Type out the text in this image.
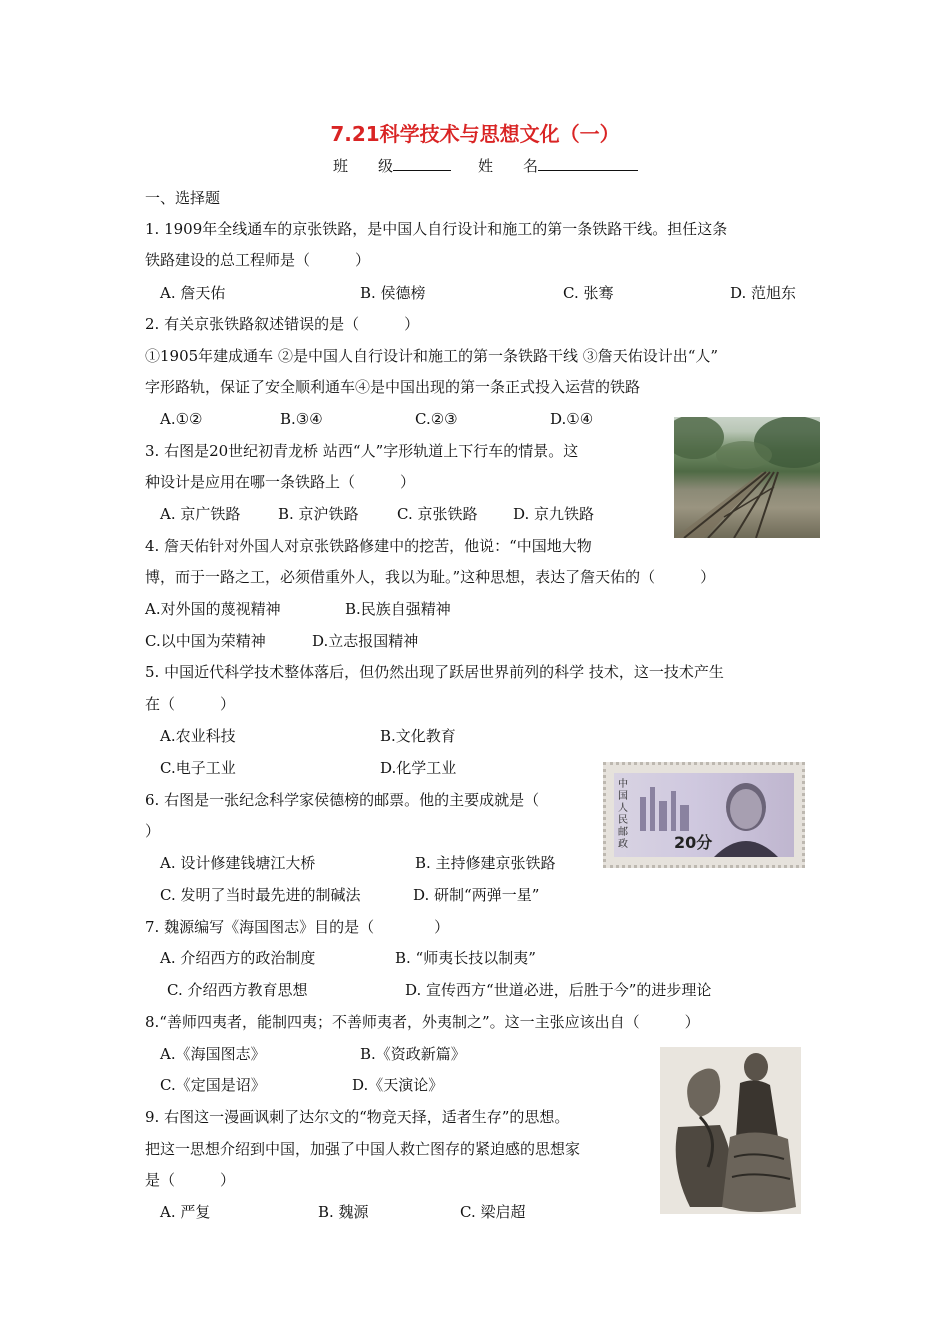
7.21科学技术与思想文化（一）
班　　级	姓　　名
一、选择题
1. 1909年全线通车的京张铁路，是中国人自行设计和施工的第一条铁路干线。担任这条
铁路建设的总工程师是（　　　）
A. 詹天佑	B. 侯德榜	C. 张骞	D. 范旭东
2. 有关京张铁路叙述错误的是（　　　）
①1905年建成通车 ②是中国人自行设计和施工的第一条铁路干线 ③詹天佑设计出“人”
字形路轨，保证了安全顺利通车④是中国出现的第一条正式投入运营的铁路
A.①②	B.③④	C.②③	D.①④
3. 右图是20世纪初青龙桥 站西“人”字形轨道上下行车的情景。这
种设计是应用在哪一条铁路上（　　　）
A. 京广铁路	B. 京沪铁路	C. 京张铁路 D. 京九铁路
4. 詹天佑针对外国人对京张铁路修建中的挖苦，他说：“中国地大物
博，而于一路之工，必须借重外人，我以为耻。”这种思想，表达了詹天佑的（　　　）
A.对外国的蔑视精神	B.民族自强精神
C.以中国为荣精神	D.立志报国精神
5. 中国近代科学技术整体落后，但仍然出现了跃居世界前列的科学 技术，这一技术产生
在（　　　）
A.农业科技	B.文化教育
C.电子工业	D.化学工业
中国人民邮政	20分
6. 右图是一张纪念科学家侯德榜的邮票。他的主要成就是（
）
A. 设计修建钱塘江大桥	B. 主持修建京张铁路
C. 发明了当时最先进的制碱法	D. 研制“两弹一星”
7. 魏源编写《海国图志》目的是（　　　　）
A. 介绍西方的政治制度	B. “师夷长技以制夷”
C. 介绍西方教育思想	D. 宣传西方“世道必进，后胜于今”的进步理论
8.“善师四夷者，能制四夷；不善师夷者，外夷制之”。这一主张应该出自（　　　）
A.《海国图志》	B.《资政新篇》
C.《定国是诏》	D.《天演论》
9. 右图这一漫画讽刺了达尔文的“物竞天择，适者生存”的思想。
把这一思想介绍到中国，加强了中国人救亡图存的紧迫感的思想家
是（　　　）
A. 严复	B. 魏源	C. 梁启超
